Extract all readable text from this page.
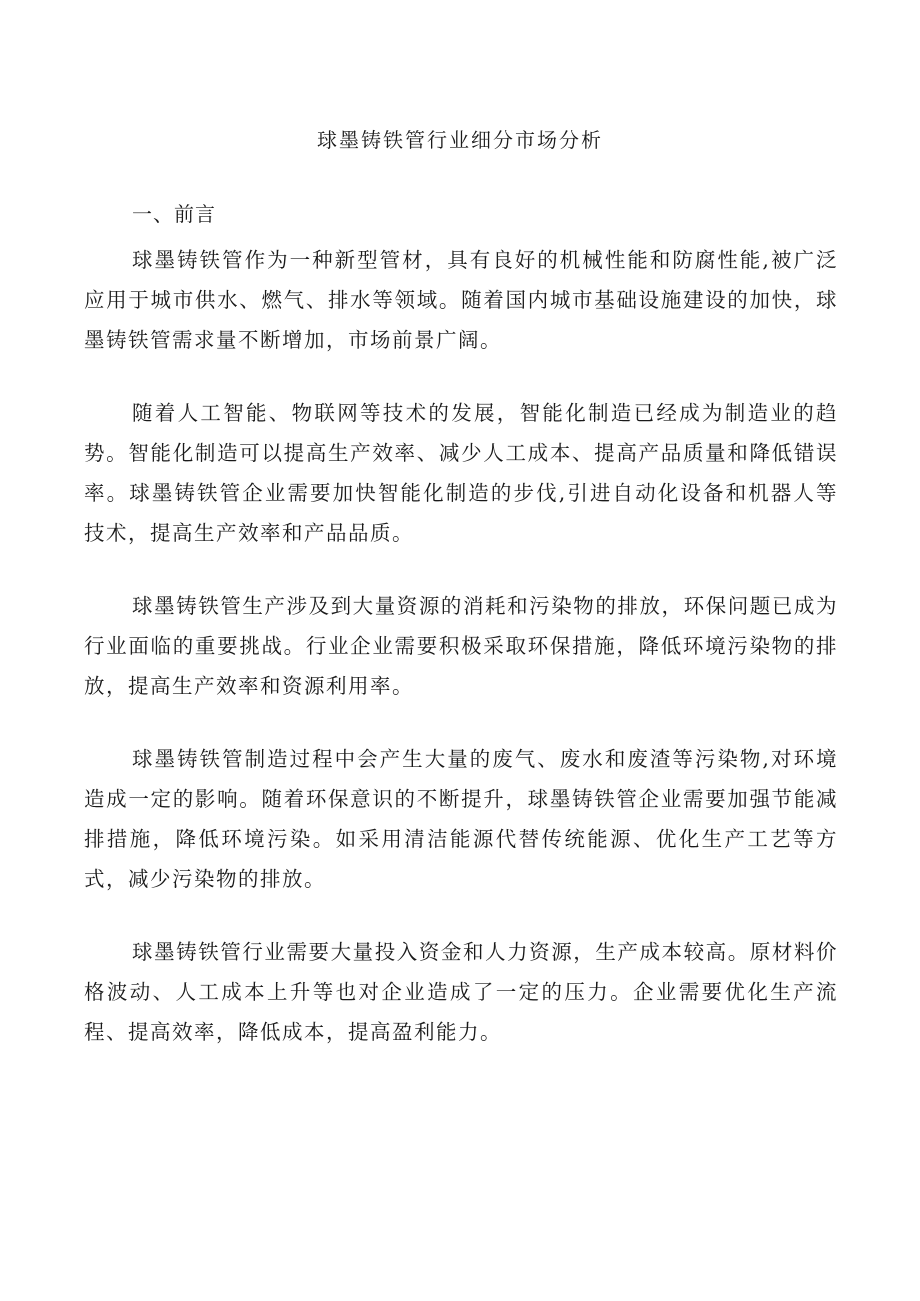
球墨铸铁管行业细分市场分析
一、前言

球墨铸铁管作为一种新型管材，具有良好的机械性能和防腐性能,被广泛应用于城市供水、燃气、排水等领域。随着国内城市基础设施建设的加快，球墨铸铁管需求量不断增加，市场前景广阔。

随着人工智能、物联网等技术的发展，智能化制造已经成为制造业的趋势。智能化制造可以提高生产效率、减少人工成本、提高产品质量和降低错误率。球墨铸铁管企业需要加快智能化制造的步伐,引进自动化设备和机器人等技术，提高生产效率和产品品质。

球墨铸铁管生产涉及到大量资源的消耗和污染物的排放，环保问题已成为行业面临的重要挑战。行业企业需要积极采取环保措施，降低环境污染物的排放，提高生产效率和资源利用率。

球墨铸铁管制造过程中会产生大量的废气、废水和废渣等污染物,对环境造成一定的影响。随着环保意识的不断提升，球墨铸铁管企业需要加强节能减排措施，降低环境污染。如采用清洁能源代替传统能源、优化生产工艺等方式，减少污染物的排放。

球墨铸铁管行业需要大量投入资金和人力资源，生产成本较高。原材料价格波动、人工成本上升等也对企业造成了一定的压力。企业需要优化生产流程、提高效率，降低成本，提高盈利能力。
